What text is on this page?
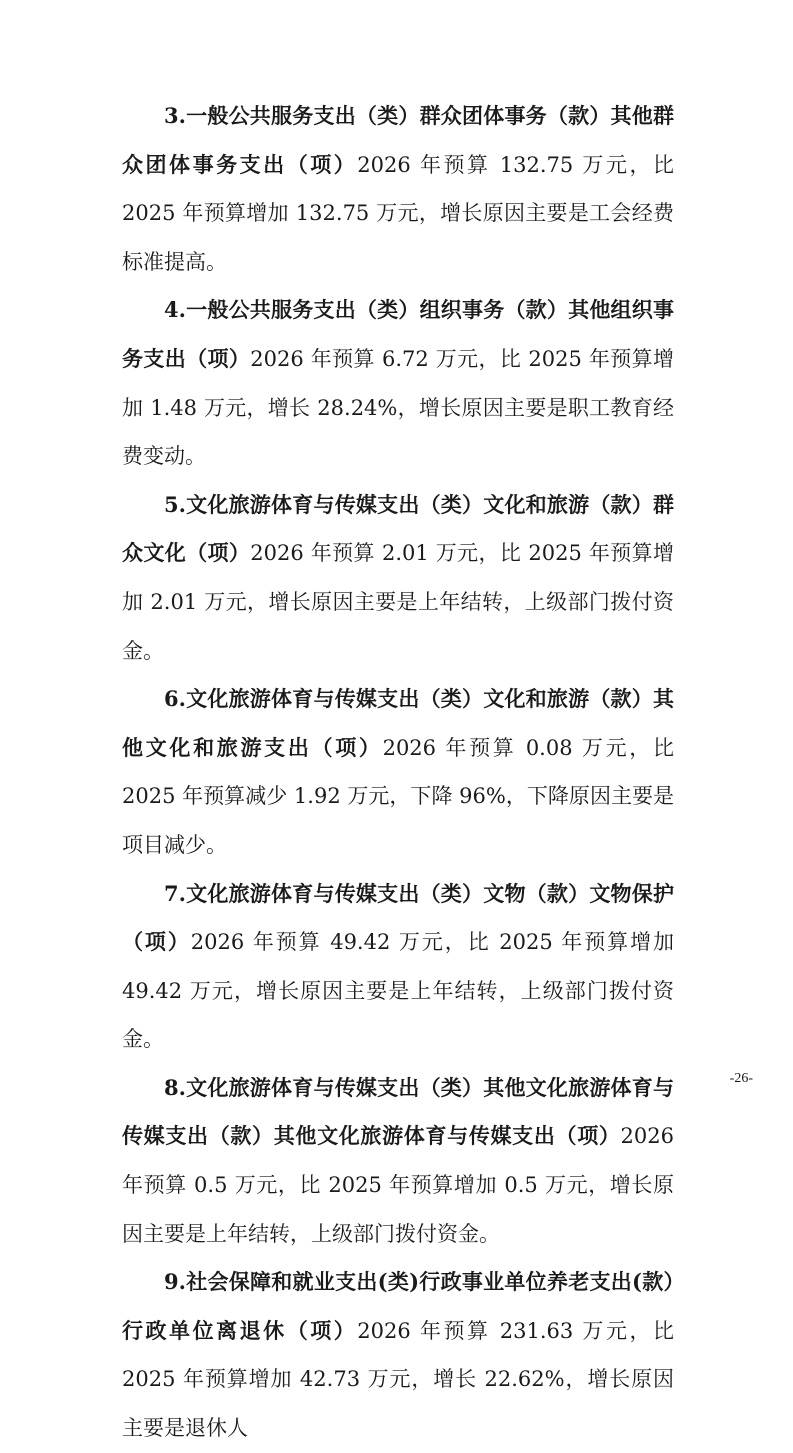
3.一般公共服务支出（类）群众团体事务（款）其他群众团体事务支出（项）2026 年预算 132.75 万元，比 2025 年预算增加 132.75 万元，增长原因主要是工会经费标准提高。

4.一般公共服务支出（类）组织事务（款）其他组织事务支出（项）2026 年预算 6.72 万元，比 2025 年预算增加 1.48 万元，增长 28.24%，增长原因主要是职工教育经费变动。

5.文化旅游体育与传媒支出（类）文化和旅游（款）群众文化（项）2026 年预算 2.01 万元，比 2025 年预算增加 2.01 万元，增长原因主要是上年结转，上级部门拨付资金。

6.文化旅游体育与传媒支出（类）文化和旅游（款）其他文化和旅游支出（项）2026 年预算 0.08 万元，比 2025 年预算减少 1.92 万元，下降 96%，下降原因主要是项目减少。

7.文化旅游体育与传媒支出（类）文物（款）文物保护（项）2026 年预算 49.42 万元，比 2025 年预算增加 49.42 万元，增长原因主要是上年结转，上级部门拨付资金。

8.文化旅游体育与传媒支出（类）其他文化旅游体育与传媒支出（款）其他文化旅游体育与传媒支出（项）2026 年预算 0.5 万元，比 2025 年预算增加 0.5 万元，增长原因主要是上年结转，上级部门拨付资金。

9.社会保障和就业支出(类)行政事业单位养老支出(款）行政单位离退休（项）2026 年预算 231.63 万元，比 2025 年预算增加 42.73 万元，增长 22.62%，增长原因主要是退休人

-26-
